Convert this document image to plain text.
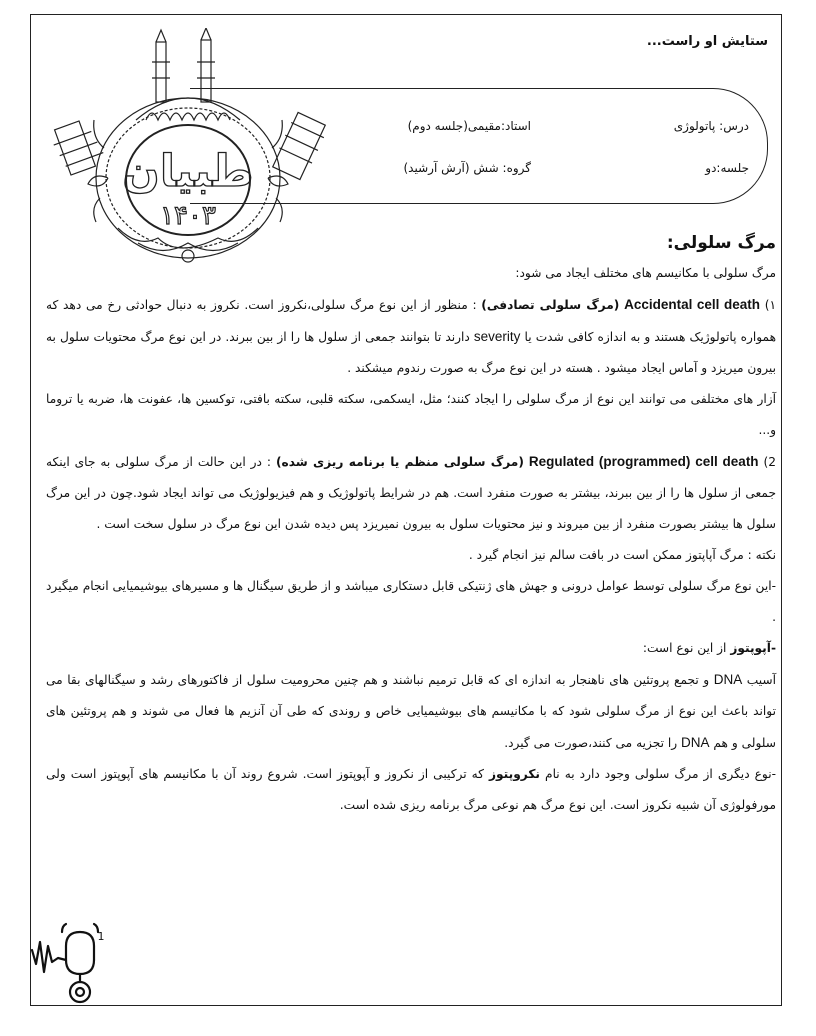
طبیان
۱۴۰۳
ستایش او راست...
درس: پاتولوژی
استاد:مقیمی(جلسه دوم)
جلسه:دو
گروه: شش (آرش آرشید)

مرگ سلولی:

مرگ سلولی با مکانیسم های مختلف ایجاد می شود:

۱) Accidental cell death (مرگ سلولی تصادفی) : منظور از این نوع مرگ سلولی،نکروز است. نکروز به دنبال حوادثی رخ می دهد که همواره پاتولوژیک هستند و به اندازه کافی شدت یا severity دارند تا بتوانند جمعی از سلول ها را از بین ببرند. در این نوع مرگ محتویات سلول به بیرون میریزد و آماس ایجاد میشود . هسته در این نوع مرگ به صورت رندوم میشکند .

آزار های مختلفی می توانند این نوع از مرگ سلولی را ایجاد کنند؛ مثل، ایسکمی، سکته قلبی، سکته بافتی، توکسین ها، عفونت ها، ضربه یا تروما و...

2) Regulated (programmed) cell death (مرگ سلولی منظم یا برنامه ریزی شده) : در این حالت از مرگ سلولی به جای اینکه جمعی از سلول ها را از بین ببرند، بیشتر به صورت منفرد است. هم در شرایط پاتولوژیک و هم فیزیولوژیک می تواند ایجاد شود.چون در این مرگ سلول ها بیشتر بصورت منفرد از بین میروند و نیز محتویات سلول به بیرون نمیریزد پس دیده شدن این نوع مرگ در سلول سخت است .

نکته : مرگ آپاپتوز ممکن است در بافت سالم نیز انجام گیرد .

-این نوع مرگ سلولی توسط عوامل درونی و جهش های ژنتیکی قابل دستکاری میباشد و از طریق سیگنال ها و مسیرهای بیوشیمیایی انجام میگیرد .

-آپوپتوز از این نوع است:

آسیب DNA و تجمع پروتئین های ناهنجار به اندازه ای که قابل ترمیم نباشند و هم چنین محرومیت سلول از فاکتورهای رشد و سیگنالهای بقا می تواند باعث این نوع از مرگ سلولی شود که با مکانیسم های بیوشیمیایی خاص و روندی که طی آن آنزیم ها فعال می شوند و هم پروتئین های سلولی و هم DNA را تجزیه می کنند،صورت می گیرد.

-نوع دیگری از مرگ سلولی وجود دارد به نام نکروپتوز که ترکیبی از نکروز و آپوپتوز است. شروع روند آن با مکانیسم های آپوپتوز است ولی مورفولوژی آن شبیه نکروز است. این نوع مرگ هم نوعی مرگ برنامه ریزی شده است.

1
